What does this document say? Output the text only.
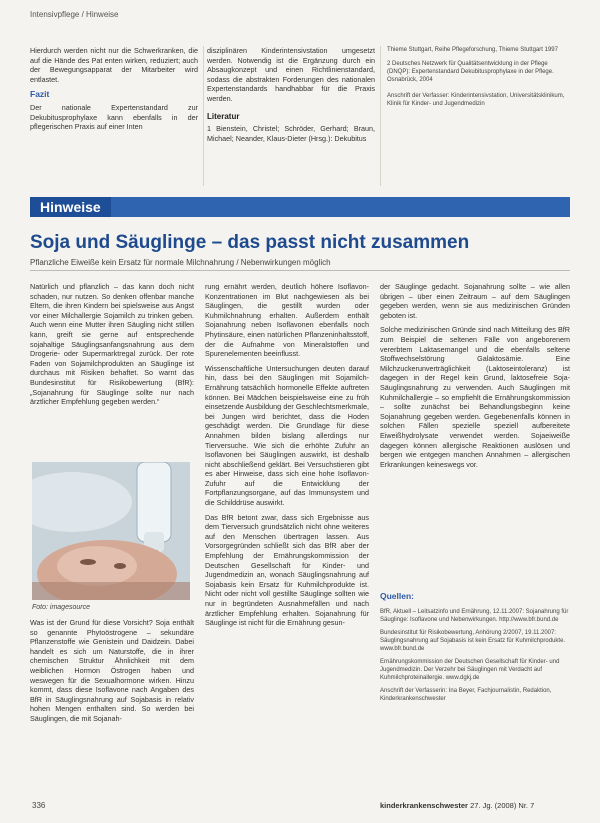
Intensivpflege / Hinweise

Hierdurch werden nicht nur die Schwerkranken, die auf die Hände des Pat enten wirken, reduziert; auch der Bewegungsapparat der Mitarbeiter wird entlastet.

Fazit

Der nationale Expertenstandard zur Dekubitusprophylaxe kann ebenfalls in der pflegerischen Praxis auf einer Inten

disziplinären Kinderintensivstation umgesetzt werden. Notwendig ist die Ergänzung durch ein Absaugkonzept und einen Richtlinienstandard, sodass die abstrakten Forderungen des nationalen Expertenstandards handhabbar für die Praxis werden.

Literatur

1 Bienstein, Christel; Schröder, Gerhard; Braun, Michael; Neander, Klaus-Dieter (Hrsg.): Dekubitus

Thieme Stuttgart, Reihe Pflegeforschung, Thieme Stuttgart 1997

2 Deutsches Netzwerk für Qualitätsentwicklung in der Pflege (DNQP): Expertenstandard Dekubitusprophylaxe in der Pflege. Osnabrück, 2004

Anschrift der Verfasser: Kinderintensivstation, Universitätsklinikum, Klinik für Kinder- und Jugendmedizin

Hinweise
Soja und Säuglinge – das passt nicht zusammen
Pflanzliche Eiweiße kein Ersatz für normale Milchnahrung / Nebenwirkungen möglich

Natürlich und pflanzlich – das kann doch nicht schaden, nur nutzen. So denken offenbar manche Eltern, die ihren Kindern bei spielsweise aus Angst vor einer Milchallergie Sojamilch zu trinken geben. Auch wenn eine Mutter ihren Säugling nicht stillen kann, greift sie gerne auf entsprechende sojahaltige Säuglingsanfangsnahrung aus dem Drogerie- oder Supermarktregal zurück. Der rote Faden von Sojamilchprodukten an Säuglinge ist durchaus mit Risiken behaftet. So warnt das Bundesinstitut für Risikobewertung (BfR): „Sojanahrung für Säuglinge sollte nur nach ärztlicher Empfehlung gegeben werden.“

Foto: imagesource

Was ist der Grund für diese Vorsicht? Soja enthält so genannte Phytoöstrogene – sekundäre Pflanzenstoffe wie Genistein und Daidzein. Dabei handelt es sich um Naturstoffe, die in ihrer chemischen Struktur Ähnlichkeit mit dem weiblichen Hormon Östrogen haben und weswegen für die Sexualhormone wirken. Hinzu kommt, dass diese Isoflavone nach Angaben des BfR in Säuglingsnahrung auf Sojabasis in relativ hohen Mengen enthalten sind. So werden bei Säuglingen, die mit Sojanah-

rung ernährt werden, deutlich höhere Isoflavon-Konzentrationen im Blut nachgewiesen als bei Säuglingen, die gestillt wurden oder Kuhmilchnahrung erhalten. Außerdem enthält Sojanahrung neben Isoflavonen ebenfalls noch Phytinsäure, einen natürlichen Pflanzeninhaltsstoff, der die Aufnahme von Mineralstoffen und Spurenelementen beeinflusst.

Wissenschaftliche Untersuchungen deuten darauf hin, dass bei den Säuglingen mit Sojamilch-Ernährung tatsächlich hormonelle Effekte auftreten können. Bei Mädchen beispielsweise eine zu früh einsetzende Ausbildung der Geschlechtsmerkmale, bei Jungen wird berichtet, dass die Hoden geschädigt werden. Die Grundlage für diese Annahmen bilden bislang allerdings nur Tierversuche. Wie sich die erhöhte Zufuhr an Isoflavonen bei Säuglingen auswirkt, ist deshalb nicht abschließend geklärt. Bei Versuchstieren gibt es aber Hinweise, dass sich eine hohe Isoflavon-Zufuhr auf die Entwicklung der Fortpflanzungsorgane, auf das Immunsystem und die Schilddrüse auswirkt.

Das BfR betont zwar, dass sich Ergebnisse aus dem Tierversuch grundsätzlich nicht ohne weiteres auf den Menschen übertragen lassen. Aus Vorsorgegründen schließt sich das BfR aber der Empfehlung der Ernährungskommission der Deutschen Gesellschaft für Kinder- und Jugendmedizin an, wonach Säuglingsnahrung auf Sojabasis kein Ersatz für Kuhmilchprodukte ist. Nicht oder nicht voll gestillte Säuglinge sollten wie nur in begründeten Ausnahmefällen und nach ärztlicher Empfehlung erhalten. Sojanahrung für Säuglinge ist nicht für die Ernährung gesun-

der Säuglinge gedacht. Sojanahrung sollte – wie allen übrigen – über einen Zeitraum – auf dem Säuglingen gegeben werden, wenn sie aus medizinischen Gründen geboten ist.

Solche medizinischen Gründe sind nach Mitteilung des BfR zum Beispiel die seltenen Fälle von angeborenem vererbtem Laktasemangel und die ebenfalls seltene Stoffwechselstörung Galaktosämie. Eine Milchzuckerunverträglichkeit (Laktoseintoleranz) ist dagegen in der Regel kein Grund, laktosefreie Soja-Säuglingsnahrung zu verwenden. Auch Säuglingen mit Kuhmilchallergie – so empfiehlt die Ernährungskommission – sollte zunächst bei Behandlungsbeginn keine Sojanahrung gegeben werden. Gegebenenfalls können in solchen Fällen spezielle speziell aufbereitete Eiweißhydrolysate verwendet werden. Sojaeiweiße dagegen können allergische Reaktionen auslösen und bergen wie entgegen manchen Annahmen – allergischen Erkrankungen keineswegs vor.

Quellen:

BfR, Aktuell – Leitsatzinfo und Ernährung, 12.11.2007: Sojanahrung für Säuglinge: Isoflavone und Nebenwirkungen. http://www.bfr.bund.de

Bundesinstitut für Risikobewertung, Anhörung 2/2007, 19.11.2007: Säuglingsnahrung auf Sojabasis ist kein Ersatz für Kuhmilchprodukte. www.bfr.bund.de

Ernährungskommission der Deutschen Gesellschaft für Kinder- und Jugendmedizin. Der Verzehr bei Säuglingen mit Verdacht auf Kuhmilchproteinallergie. www.dgkj.de

Anschrift der Verfasserin: Ina Beyer, Fachjournalistin, Redaktion, Kinderkrankenschwester

336	kinderkrankenschwester 27. Jg. (2008) Nr. 7
